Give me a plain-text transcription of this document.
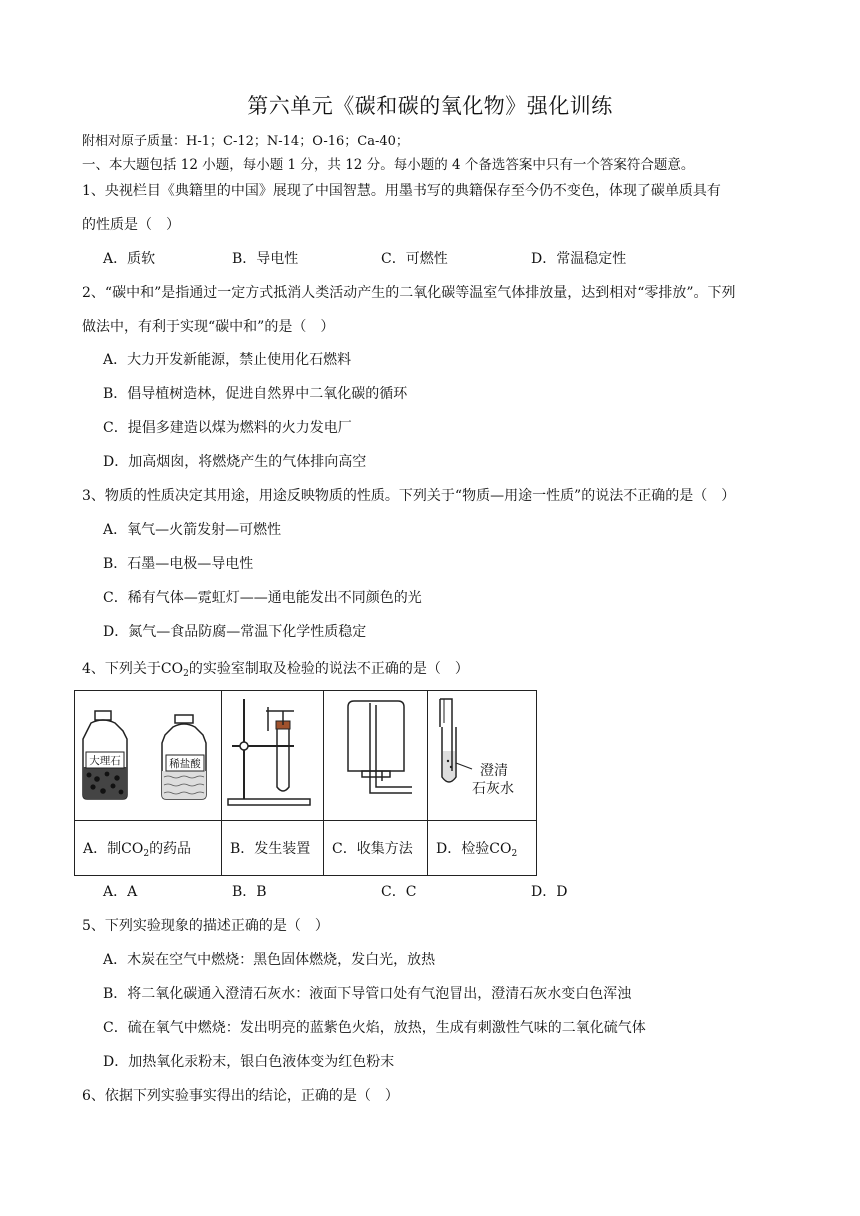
第六单元《碳和碳的氧化物》强化训练
附相对原子质量：H-1；C-12；N-14；O-16；Ca-40；
一、本大题包括 12 小题，每小题 1 分，共 12 分。每小题的 4 个备选答案中只有一个答案符合题意。
1、央视栏目《典籍里的中国》展现了中国智慧。用墨书写的典籍保存至今仍不变色，体现了碳单质具有
的性质是（　）
A．质软	B．导电性	C．可燃性	D．常温稳定性
2、“碳中和”是指通过一定方式抵消人类活动产生的二氧化碳等温室气体排放量，达到相对“零排放”。下列
做法中，有利于实现“碳中和”的是（　）
A．大力开发新能源，禁止使用化石燃料
B．倡导植树造林，促进自然界中二氧化碳的循环
C．提倡多建造以煤为燃料的火力发电厂
D．加高烟囱，将燃烧产生的气体排向高空
3、物质的性质决定其用途，用途反映物质的性质。下列关于“物质—用途一性质”的说法不正确的是（　）
A．氧气—火箭发射—可燃性
B．石墨—电极—导电性
C．稀有气体—霓虹灯——通电能发出不同颜色的光
D．氮气—食品防腐—常温下化学性质稳定
4、下列关于$CO_2$的实验室制取及检验的说法不正确的是（　）
大理石 稀盐酸			澄清
石灰水

A．制$CO_2$的药品	B．发生装置	C．收集方法	D．检验$CO_2$
A．A	B．B	C．C	D．D
5、下列实验现象的描述正确的是（　）
A．木炭在空气中燃烧：黑色固体燃烧，发白光，放热
B．将二氧化碳通入澄清石灰水：液面下导管口处有气泡冒出，澄清石灰水变白色浑浊
C．硫在氧气中燃烧：发出明亮的蓝紫色火焰，放热，生成有刺激性气味的二氧化硫气体
D．加热氧化汞粉末，银白色液体变为红色粉末
6、依据下列实验事实得出的结论，正确的是（　）
